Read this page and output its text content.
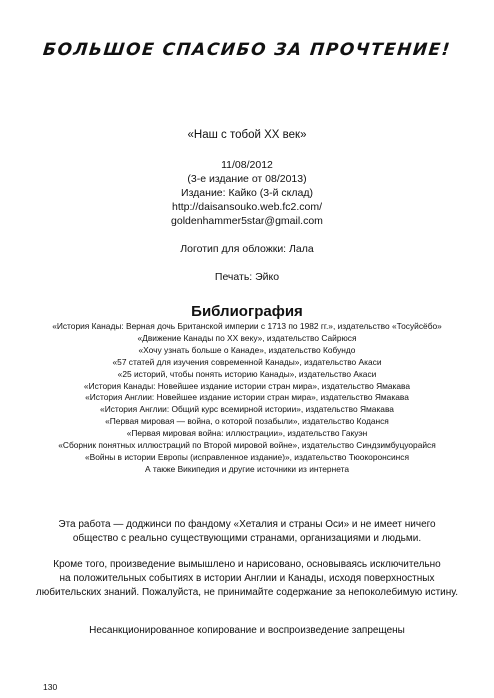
БОЛЬШОЕ СПАСИБО ЗА ПРОЧТЕНИЕ!

«Наш с тобой XX век»

11/08/2012

(3-е издание от 08/2013)

Издание: Кайко (3-й склад)

http://daisansouko.web.fc2.com/

goldenhammer5star@gmail.com

Логотип для обложки: Лала

Печать: Эйко

Библиография

«История Канады: Верная дочь Британской империи с 1713 по 1982 гг.», издательство «Тосуйсёбо»

«Движение Канады по XX веку», издательство Сайрюся

«Хочу узнать больше о Канаде», издательство Кобундо

«57 статей для изучения современной Канады», издательство Акаси

«25 историй, чтобы понять историю Канады», издательство Акаси

«История Канады: Новейшее издание истории стран мира», издательство Ямакава

«История Англии: Новейшее издание истории стран мира», издательство Ямакава

«История Англии: Общий курс всемирной истории», издательство Ямакава

«Первая мировая — война, о которой позабыли», издательство Коданся

«Первая мировая война: иллюстрации», издательство Гакуэн

«Сборник понятных иллюстраций по Второй мировой войне», издательство Синдзимбуцуорайся

«Войны в истории Европы (исправленное издание)», издательство Тюокоронсинся

А также Википедия и другие источники из интернета

Эта работа — доджинси по фандому «Хеталия и страны Оси» и не имеет ничего

общество с реально существующими странами, организациями и людьми.

Кроме того, произведение вымышлено и нарисовано, основываясь исключительно

на положительных событиях в истории Англии и Канады, исходя поверхностных

любительских знаний. Пожалуйста, не принимайте содержание за непоколебимую истину.

Несанкционированное копирование и воспроизведение запрещены

130
